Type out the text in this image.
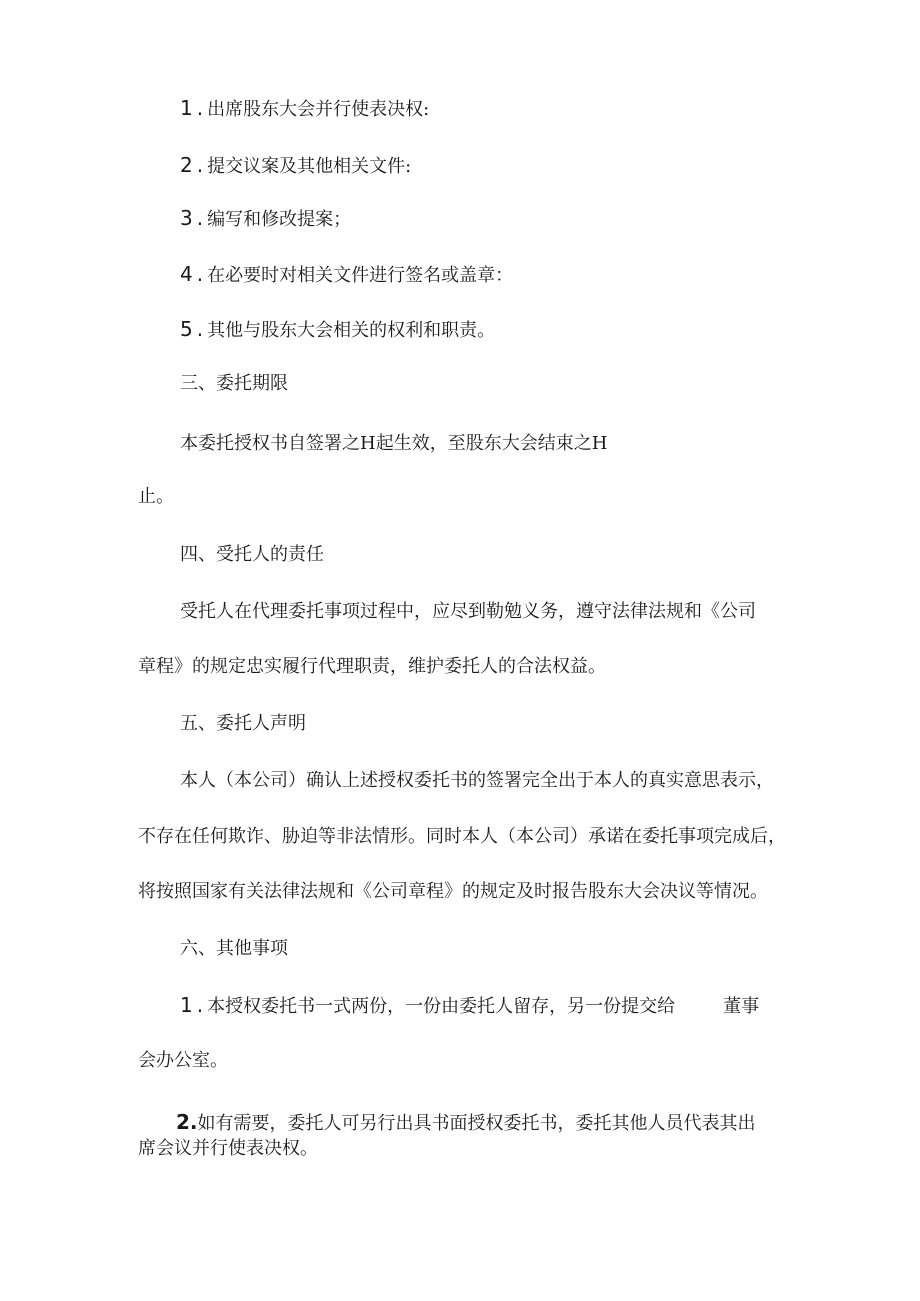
1 . 出席股东大会并行使表决权:
2 . 提交议案及其他相关文件:
3 . 编写和修改提案；
4 . 在必要时对相关文件进行签名或盖章：
5 . 其他与股东大会相关的权利和职责。
三、委托期限
本委托授权书自签署之H起生效，至股东大会结束之H
止。
四、受托人的责任
受托人在代理委托事项过程中，应尽到勒勉义务，遵守法律法规和《公司
章程》的规定忠实履行代理职责，维护委托人的合法权益。
五、委托人声明
本人（本公司）确认上述授权委托书的签署完全出于本人的真实意思表示，
不存在任何欺诈、胁迫等非法情形。同时本人（本公司）承诺在委托事项完成后，
将按照国家有关法律法规和《公司章程》的规定及时报告股东大会决议等情况。
六、其他事项
1 . 本授权委托书一式两份，一份由委托人留存，另一份提交给	董事
会办公室。
2.如有需要，委托人可另行出具书面授权委托书，委托其他人员代表其出
席会议并行使表决权。
